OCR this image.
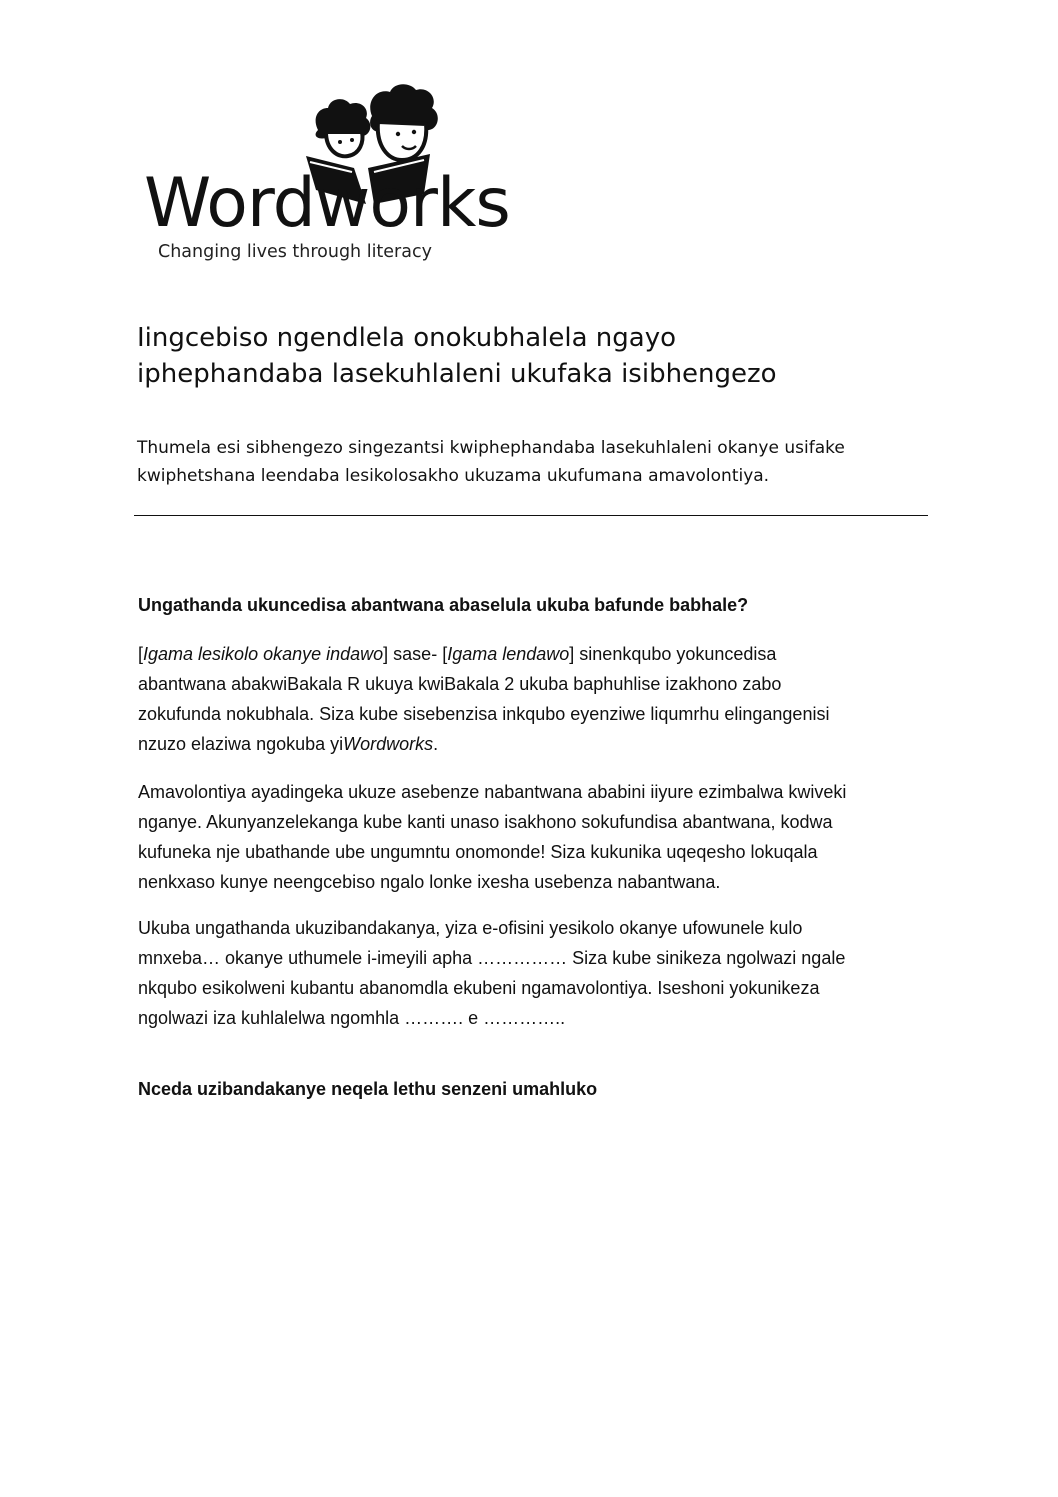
Wordworks
Changing lives through literacy
Iingcebiso ngendlela onokubhalela ngayo
iphephandaba lasekuhlaleni ukufaka isibhengezo

Thumela esi sibhengezo singezantsi kwiphephandaba lasekuhlaleni okanye usifake
kwiphetshana leendaba lesikolosakho ukuzama ukufumana amavolontiya.

Ungathanda ukuncedisa abantwana abaselula ukuba bafunde babhale?

[Igama lesikolo okanye indawo] sase- [Igama lendawo] sinenkqubo yokuncedisa
abantwana abakwiBakala R ukuya kwiBakala 2 ukuba baphuhlise izakhono zabo
zokufunda nokubhala. Siza kube sisebenzisa inkqubo eyenziwe liqumrhu elingangenisi
nzuzo elaziwa ngokuba yiWordworks.

Amavolontiya ayadingeka ukuze asebenze nabantwana ababini iiyure ezimbalwa kwiveki
nganye. Akunyanzelekanga kube kanti unaso isakhono sokufundisa abantwana, kodwa
kufuneka nje ubathande ube ungumntu onomonde! Siza kukunika uqeqesho lokuqala
nenkxaso kunye neengcebiso ngalo lonke ixesha usebenza nabantwana.

Ukuba ungathanda ukuzibandakanya, yiza e-ofisini yesikolo okanye ufowunele kulo
mnxeba… okanye uthumele i-imeyili apha …………… Siza kube sinikeza ngolwazi ngale
nkqubo esikolweni kubantu abanomdla ekubeni ngamavolontiya. Iseshoni yokunikeza
ngolwazi iza kuhlalelwa ngomhla ………. e …………..

Nceda uzibandakanye neqela lethu senzeni umahluko
